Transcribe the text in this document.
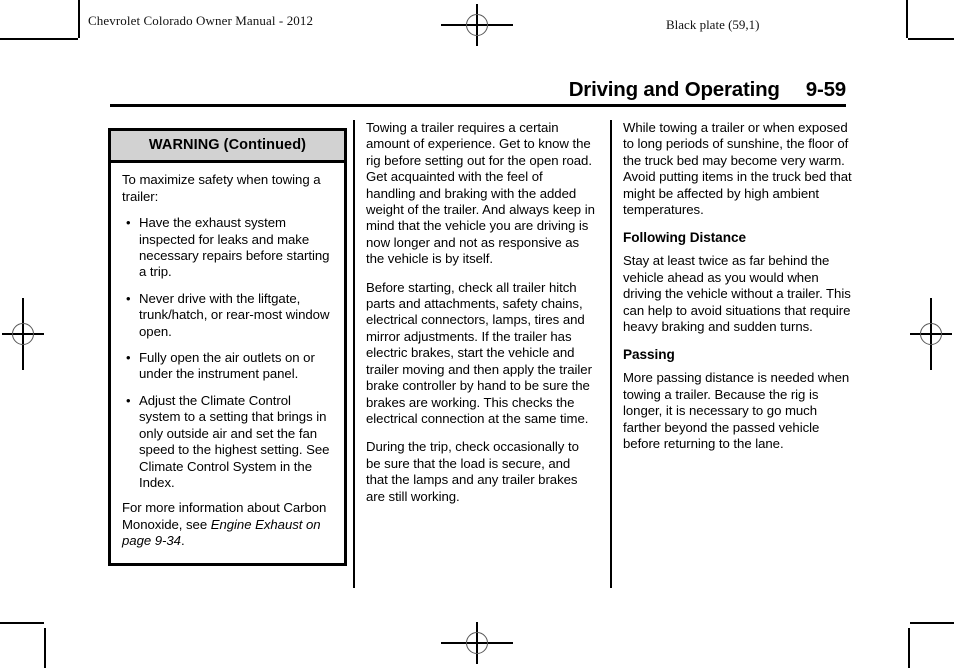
Chevrolet Colorado Owner Manual - 2012	Black plate (59,1)
Driving and Operating 9-59
WARNING (Continued)

To maximize safety when towing a trailer:

• Have the exhaust system inspected for leaks and make necessary repairs before starting a trip.
• Never drive with the liftgate, trunk/hatch, or rear-most window open.
• Fully open the air outlets on or under the instrument panel.
• Adjust the Climate Control system to a setting that brings in only outside air and set the fan speed to the highest setting. See Climate Control System in the Index.

For more information about Carbon Monoxide, see Engine Exhaust on page 9-34.

Towing a trailer requires a certain amount of experience. Get to know the rig before setting out for the open road. Get acquainted with the feel of handling and braking with the added weight of the trailer. And always keep in mind that the vehicle you are driving is now longer and not as responsive as the vehicle is by itself.

Before starting, check all trailer hitch parts and attachments, safety chains, electrical connectors, lamps, tires and mirror adjustments. If the trailer has electric brakes, start the vehicle and trailer moving and then apply the trailer brake controller by hand to be sure the brakes are working. This checks the electrical connection at the same time.

During the trip, check occasionally to be sure that the load is secure, and that the lamps and any trailer brakes are still working.

While towing a trailer or when exposed to long periods of sunshine, the floor of the truck bed may become very warm. Avoid putting items in the truck bed that might be affected by high ambient temperatures.

Following Distance

Stay at least twice as far behind the vehicle ahead as you would when driving the vehicle without a trailer. This can help to avoid situations that require heavy braking and sudden turns.

Passing

More passing distance is needed when towing a trailer. Because the rig is longer, it is necessary to go much farther beyond the passed vehicle before returning to the lane.
